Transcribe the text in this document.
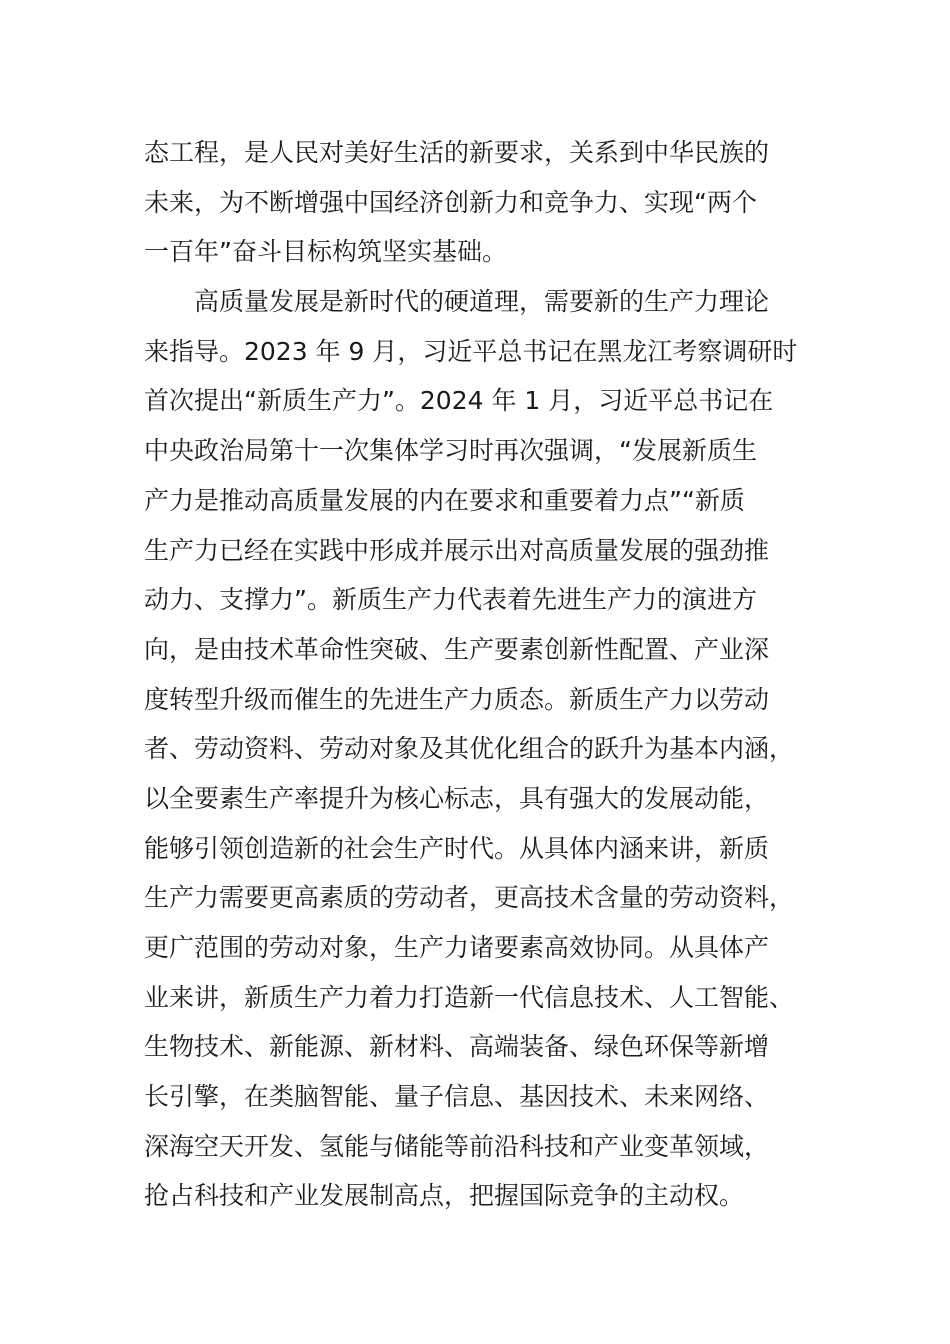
态工程，是人民对美好生活的新要求，关系到中华民族的
未来，为不断增强中国经济创新力和竞争力、实现“两个
一百年”奋斗目标构筑坚实基础。
　　高质量发展是新时代的硬道理，需要新的生产力理论
来指导。2023 年 9 月，习近平总书记在黑龙江考察调研时
首次提出“新质生产力”。2024 年 1 月，习近平总书记在
中央政治局第十一次集体学习时再次强调，“发展新质生
产力是推动高质量发展的内在要求和重要着力点”“新质
生产力已经在实践中形成并展示出对高质量发展的强劲推
动力、支撑力”。新质生产力代表着先进生产力的演进方
向，是由技术革命性突破、生产要素创新性配置、产业深
度转型升级而催生的先进生产力质态。新质生产力以劳动
者、劳动资料、劳动对象及其优化组合的跃升为基本内涵，
以全要素生产率提升为核心标志，具有强大的发展动能，
能够引领创造新的社会生产时代。从具体内涵来讲，新质
生产力需要更高素质的劳动者，更高技术含量的劳动资料，
更广范围的劳动对象，生产力诸要素高效协同。从具体产
业来讲，新质生产力着力打造新一代信息技术、人工智能、
生物技术、新能源、新材料、高端装备、绿色环保等新增
长引擎，在类脑智能、量子信息、基因技术、未来网络、
深海空天开发、氢能与储能等前沿科技和产业变革领域，
抢占科技和产业发展制高点，把握国际竞争的主动权。
